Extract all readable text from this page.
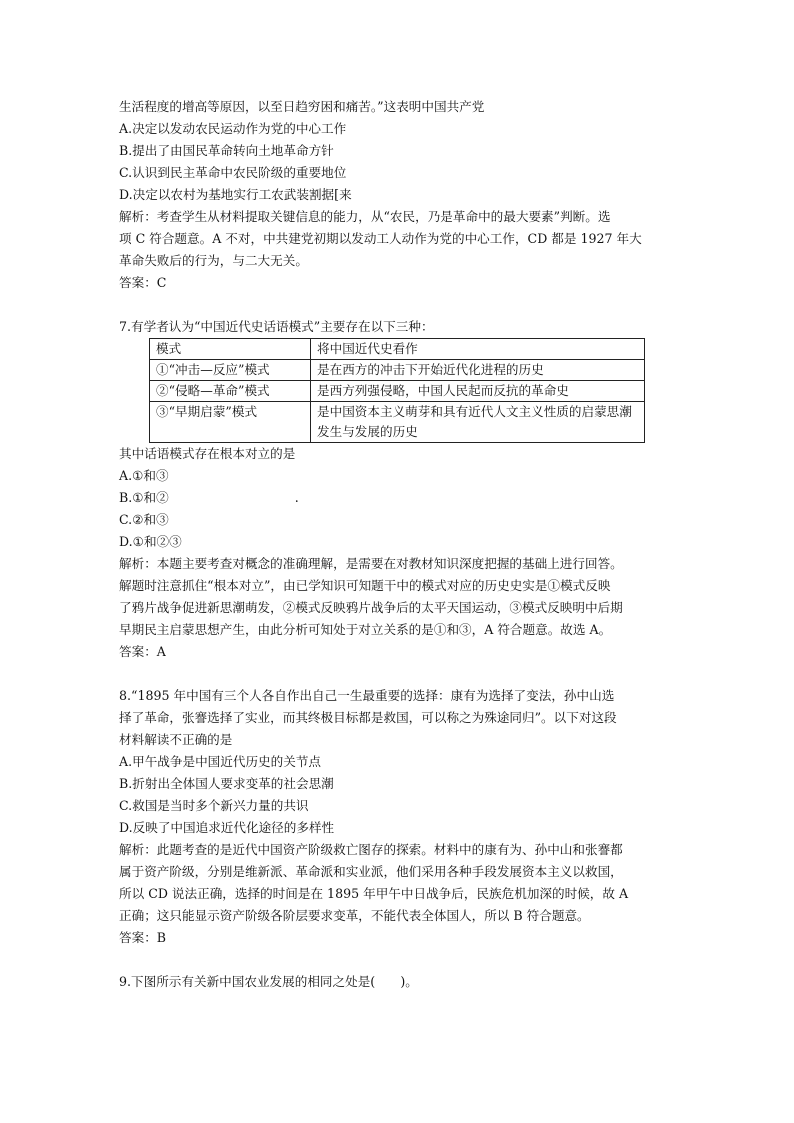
生活程度的增高等原因，以至日趋穷困和痛苦。”这表明中国共产党

A.决定以发动农民运动作为党的中心工作

B.提出了由国民革命转向土地革命方针

C.认识到民主革命中农民阶级的重要地位

D.决定以农村为基地实行工农武装割据[来

解析：考查学生从材料提取关键信息的能力，从“农民，乃是革命中的最大要素”判断。选

项 C 符合题意。A 不对，中共建党初期以发动工人动作为党的中心工作，CD 都是 1927 年大

革命失败后的行为，与二大无关。

答案：C

7.有学者认为“中国近代史话语模式”主要存在以下三种：

模式	将中国近代史看作
①“冲击—反应”模式	是在西方的冲击下开始近代化进程的历史
②“侵略—革命”模式	是西方列强侵略，中国人民起而反抗的革命史
③“早期启蒙”模式	是中国资本主义萌芽和具有近代人文主义性质的启蒙思潮发生与发展的历史

其中话语模式存在根本对立的是

A.①和③

B.①和②	.

C.②和③

D.①和②③

解析：本题主要考查对概念的准确理解，是需要在对教材知识深度把握的基础上进行回答。

解题时注意抓住“根本对立”，由已学知识可知题干中的模式对应的历史史实是①模式反映

了鸦片战争促进新思潮萌发，②模式反映鸦片战争后的太平天国运动，③模式反映明中后期

早期民主启蒙思想产生，由此分析可知处于对立关系的是①和③，A 符合题意。故选 A。

答案：A

8.“1895 年中国有三个人各自作出自己一生最重要的选择：康有为选择了变法，孙中山选

择了革命，张謇选择了实业，而其终极目标都是救国，可以称之为殊途同归”。以下对这段

材料解读不正确的是

A.甲午战争是中国近代历史的关节点

B.折射出全体国人要求变革的社会思潮

C.救国是当时多个新兴力量的共识

D.反映了中国追求近代化途径的多样性

解析：此题考查的是近代中国资产阶级救亡图存的探索。材料中的康有为、孙中山和张謇都

属于资产阶级，分别是维新派、革命派和实业派，他们采用各种手段发展资本主义以救国，

所以 CD 说法正确，选择的时间是在 1895 年甲午中日战争后，民族危机加深的时候，故 A

正确；这只能显示资产阶级各阶层要求变革，不能代表全体国人，所以 B 符合题意。

答案：B

9.下图所示有关新中国农业发展的相同之处是(　　)。
